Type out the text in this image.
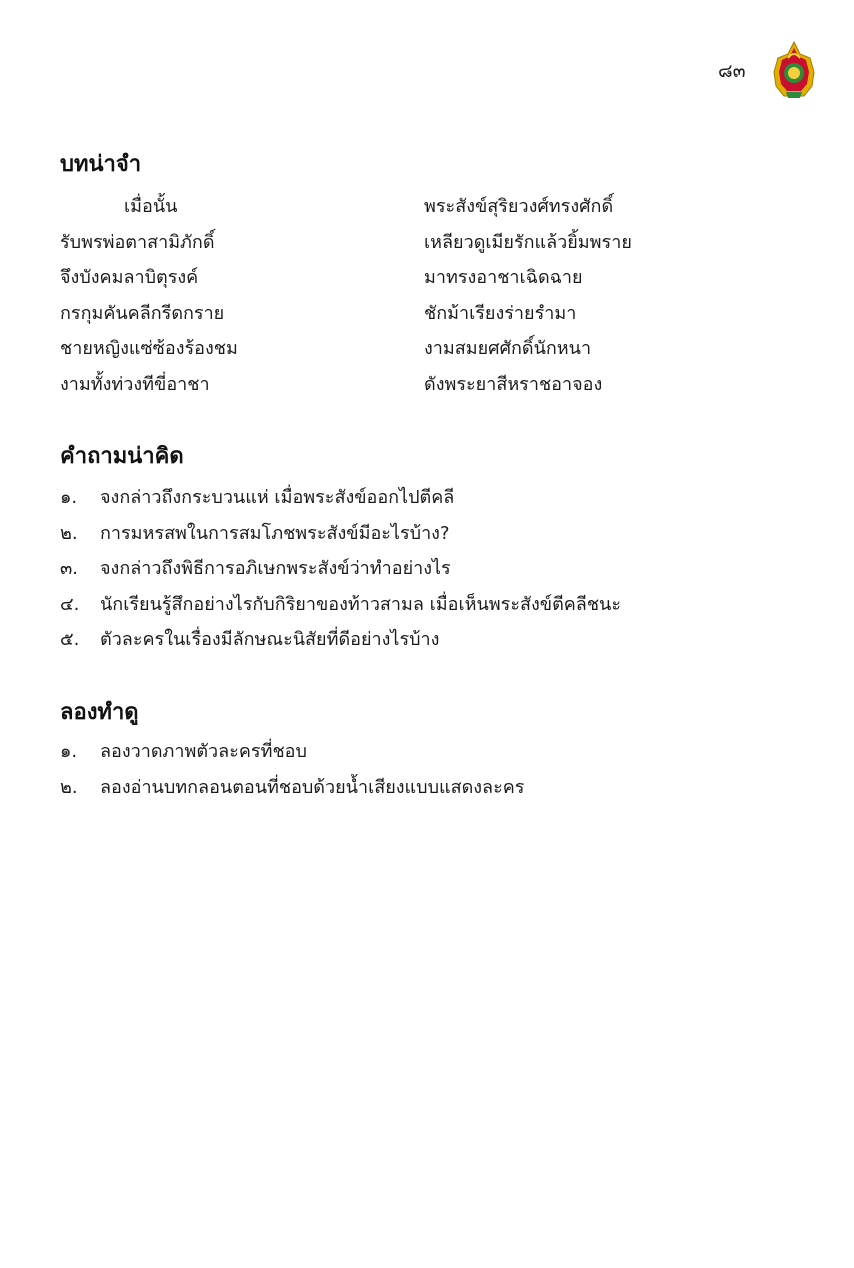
๘๓
บทน่าจำ
เมื่อนั้น	พระสังข์สุริยวงศ์ทรงศักดิ์
รับพรพ่อตาสามิภักดิ์	เหลียวดูเมียรักแล้วยิ้มพราย
จึงบังคมลาบิตุรงค์	มาทรงอาชาเฉิดฉาย
กรกุมคันคลีกรีดกราย	ชักม้าเรียงร่ายรำมา
ชายหญิงแซ่ซ้องร้องชม	งามสมยศศักดิ์นักหนา
งามทั้งท่วงทีขี่อาชา	ดังพระยาสีหราชอาจอง
คำถามน่าคิด
๑.	จงกล่าวถึงกระบวนแห่ เมื่อพระสังข์ออกไปตีคลี
๒.	การมหรสพในการสมโภชพระสังข์มีอะไรบ้าง?
๓.	จงกล่าวถึงพิธีการอภิเษกพระสังข์ว่าทำอย่างไร
๔.	นักเรียนรู้สึกอย่างไรกับกิริยาของท้าวสามล เมื่อเห็นพระสังข์ตีคลีชนะ
๕.	ตัวละครในเรื่องมีลักษณะนิสัยที่ดีอย่างไรบ้าง
ลองทำดู
๑.	ลองวาดภาพตัวละครที่ชอบ
๒.	ลองอ่านบทกลอนตอนที่ชอบด้วยน้ำเสียงแบบแสดงละคร
